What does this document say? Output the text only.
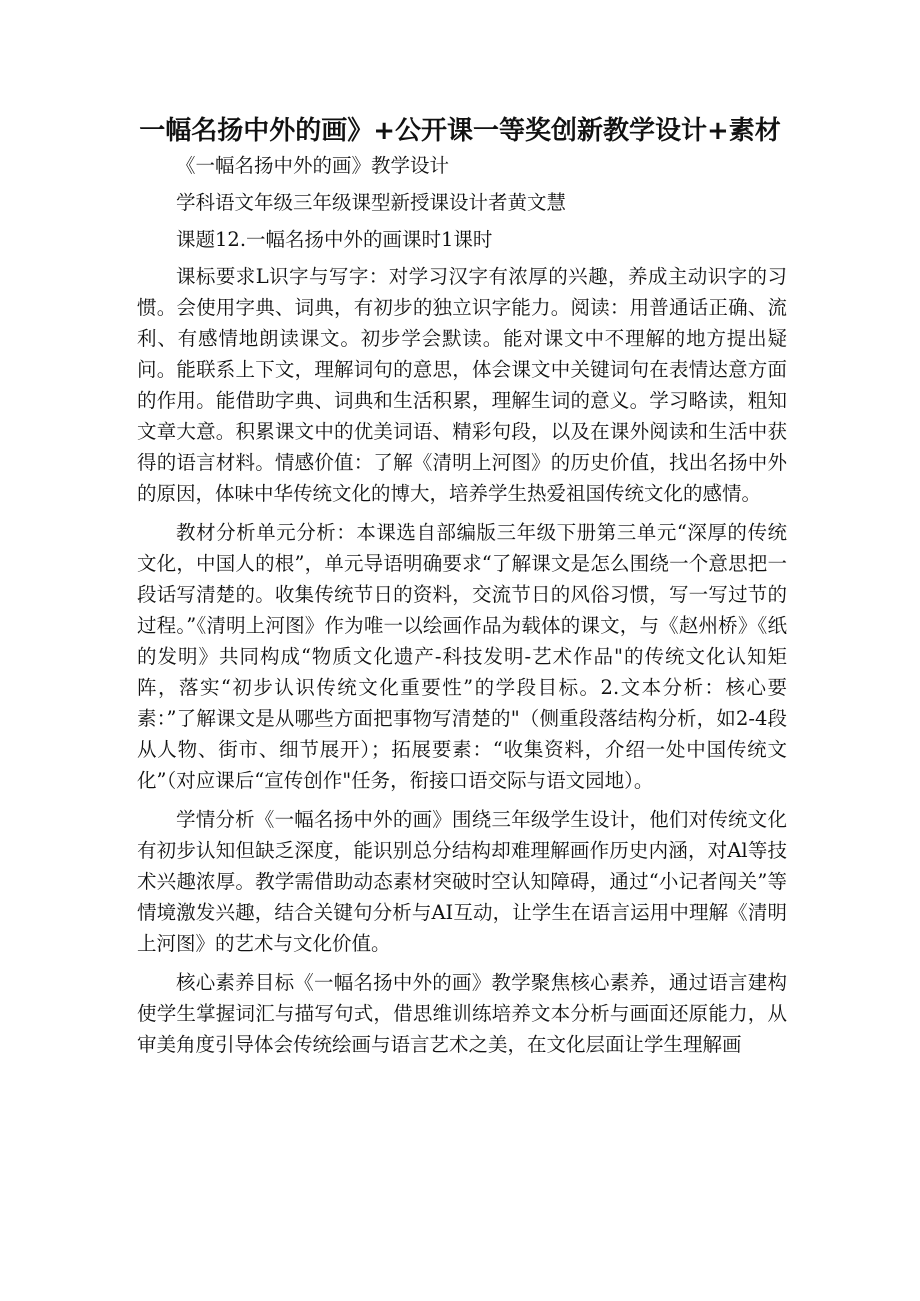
一幅名扬中外的画》+公开课一等奖创新教学设计+素材

《一幅名扬中外的画》教学设计

学科语文年级三年级课型新授课设计者黄文慧

课题12.一幅名扬中外的画课时1课时

课标要求L识字与写字：对学习汉字有浓厚的兴趣，养成主动识字的习惯。会使用字典、词典，有初步的独立识字能力。阅读：用普通话正确、流利、有感情地朗读课文。初步学会默读。能对课文中不理解的地方提出疑问。能联系上下文，理解词句的意思，体会课文中关键词句在表情达意方面的作用。能借助字典、词典和生活积累，理解生词的意义。学习略读，粗知文章大意。积累课文中的优美词语、精彩句段，以及在课外阅读和生活中获得的语言材料。情感价值：了解《清明上河图》的历史价值，找出名扬中外的原因，体味中华传统文化的博大，培养学生热爱祖国传统文化的感情。

教材分析单元分析：本课选自部编版三年级下册第三单元“深厚的传统文化，中国人的根”，单元导语明确要求“了解课文是怎么围绕一个意思把一段话写清楚的。收集传统节日的资料，交流节日的风俗习惯，写一写过节的过程。”《清明上河图》作为唯一以绘画作品为载体的课文，与《赵州桥》《纸的发明》共同构成“物质文化遗产-科技发明-艺术作品"的传统文化认知矩阵，落实“初步认识传统文化重要性”的学段目标。2.文本分析：核心要素：”了解课文是从哪些方面把事物写清楚的"（侧重段落结构分析，如2-4段从人物、街市、细节展开）；拓展要素：“收集资料，介绍一处中国传统文化”（对应课后“宣传创作"任务，衔接口语交际与语文园地）。

学情分析《一幅名扬中外的画》围绕三年级学生设计，他们对传统文化有初步认知但缺乏深度，能识别总分结构却难理解画作历史内涵，对Al等技术兴趣浓厚。教学需借助动态素材突破时空认知障碍，通过“小记者闯关”等情境激发兴趣，结合关键句分析与AI互动，让学生在语言运用中理解《清明上河图》的艺术与文化价值。

核心素养目标《一幅名扬中外的画》教学聚焦核心素养，通过语言建构使学生掌握词汇与描写句式，借思维训练培养文本分析与画面还原能力，从审美角度引导体会传统绘画与语言艺术之美，在文化层面让学生理解画
